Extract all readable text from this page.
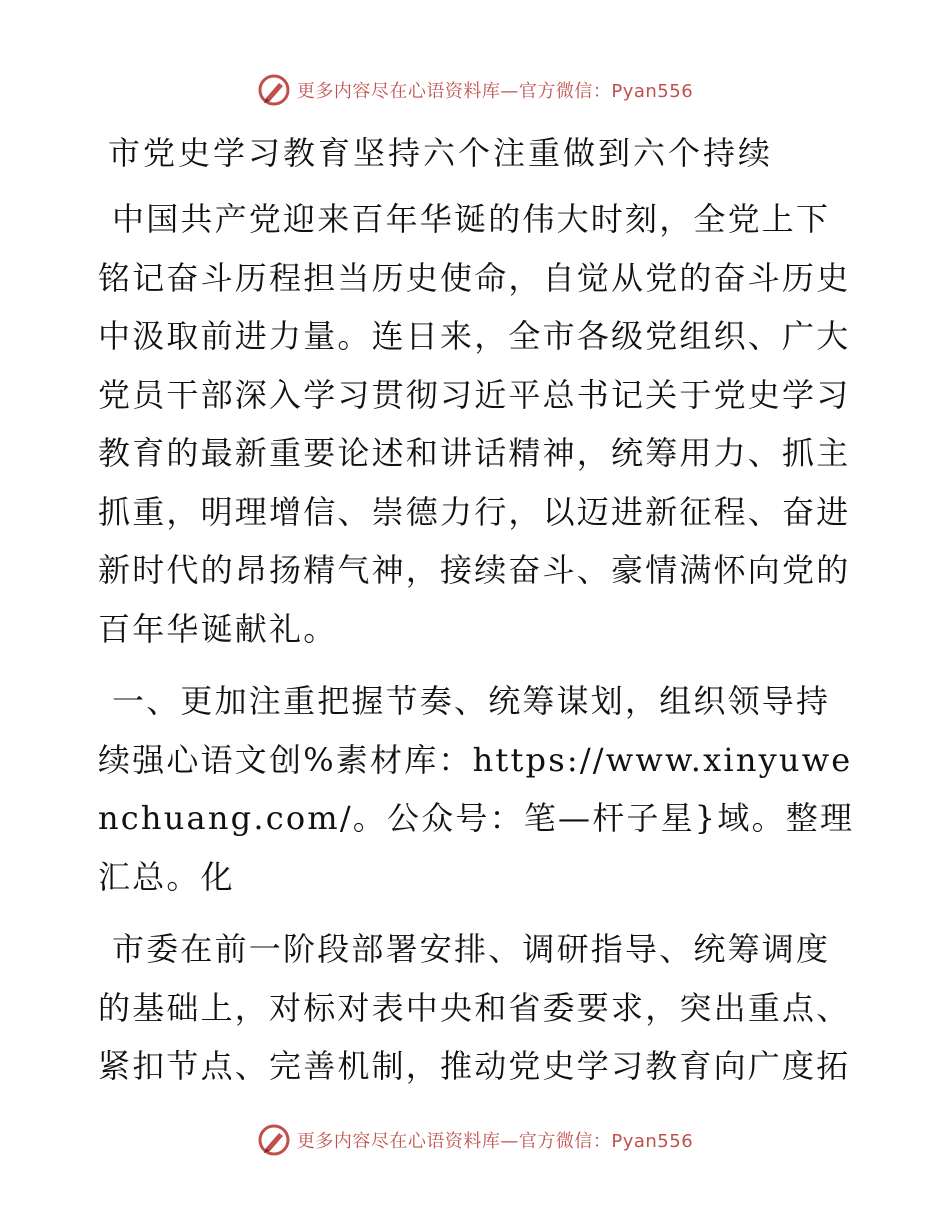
更多内容尽在心语资料库—官方微信：Pyan556
市党史学习教育坚持六个注重做到六个持续

中国共产党迎来百年华诞的伟大时刻，全党上下铭记奋斗历程担当历史使命，自觉从党的奋斗历史中汲取前进力量。连日来，全市各级党组织、广大党员干部深入学习贯彻习近平总书记关于党史学习教育的最新重要论述和讲话精神，统筹用力、抓主抓重，明理增信、崇德力行，以迈进新征程、奋进新时代的昂扬精气神，接续奋斗、豪情满怀向党的百年华诞献礼。

一、更加注重把握节奏、统筹谋划，组织领导持续强心语文创%素材库：https://www.xinyuwenchuang.com/。公众号：笔—杆子星}域。整理汇总。化

市委在前一阶段部署安排、调研指导、统筹调度的基础上，对标对表中央和省委要求，突出重点、紧扣节点、完善机制，推动党史学习教育向广度拓

更多内容尽在心语资料库—官方微信：Pyan556
